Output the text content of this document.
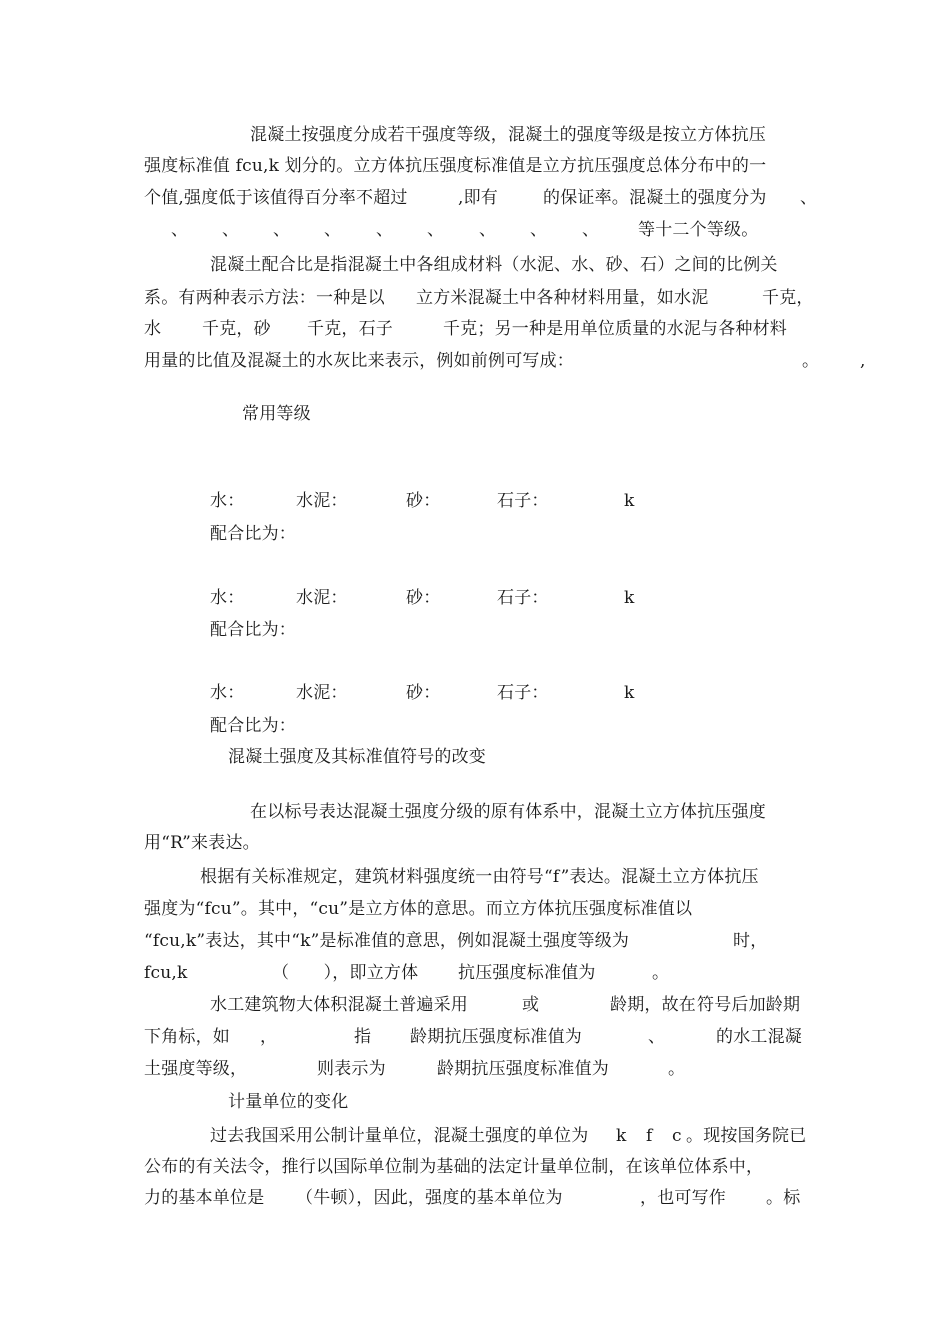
混凝土按强度分成若干强度等级，混凝土的强度等级是按立方体抗压
强度标准值 fcu,k 划分的。立方体抗压强度标准值是立方抗压强度总体分布中的一
个值,强度低于该值得百分率不超过	,即有	的保证率。混凝土的强度分为 、
、 、 、 、 、 、 、 、 、 等十二个等级。
混凝土配合比是指混凝土中各组成材料（水泥、水、砂、石）之间的比例关
系。有两种表示方法：一种是以 立方米混凝土中各种材料用量，如水泥	千克，
水 千克，砂 千克，石子	千克；另一种是用单位质量的水泥与各种材料
用量的比值及混凝土的水灰比来表示，例如前例可写成：	。 ,
常用等级
水：	水泥：	砂：	石子：	k
配合比为：
水：	水泥：	砂：	石子：	k
配合比为：
水：	水泥：	砂：	石子：	k
配合比为：
混凝土强度及其标准值符号的改变
在以标号表达混凝土强度分级的原有体系中，混凝土立方体抗压强度
用“R”来表达。
根据有关标准规定，建筑材料强度统一由符号“f”表达。混凝土立方体抗压
强度为“fcu”。其中，“cu”是立方体的意思。而立方体抗压强度标准值以
“fcu,k”表达，其中“k”是标准值的意思，例如混凝土强度等级为	时，
fcu,k	（　　），即立方体 抗压强度标准值为	。
水工建筑物大体积混凝土普遍采用	或	龄期，故在 符号后加龄期
下角标，如 ，	指 龄期抗压强度标准值为	、	的水工混凝
土强度等级，	则表示为	龄期抗压强度标准值为	。
计量单位的变化
过去我国采用公制计量单位，混凝土强度的单位为 k f c 。现按国务院已
公布的有关法令，推行以国际单位制为基础的法定计量单位制，在该单位体系中，
力的基本单位是 （牛顿），因此，强度的基本单位为	，也可写作 。标
